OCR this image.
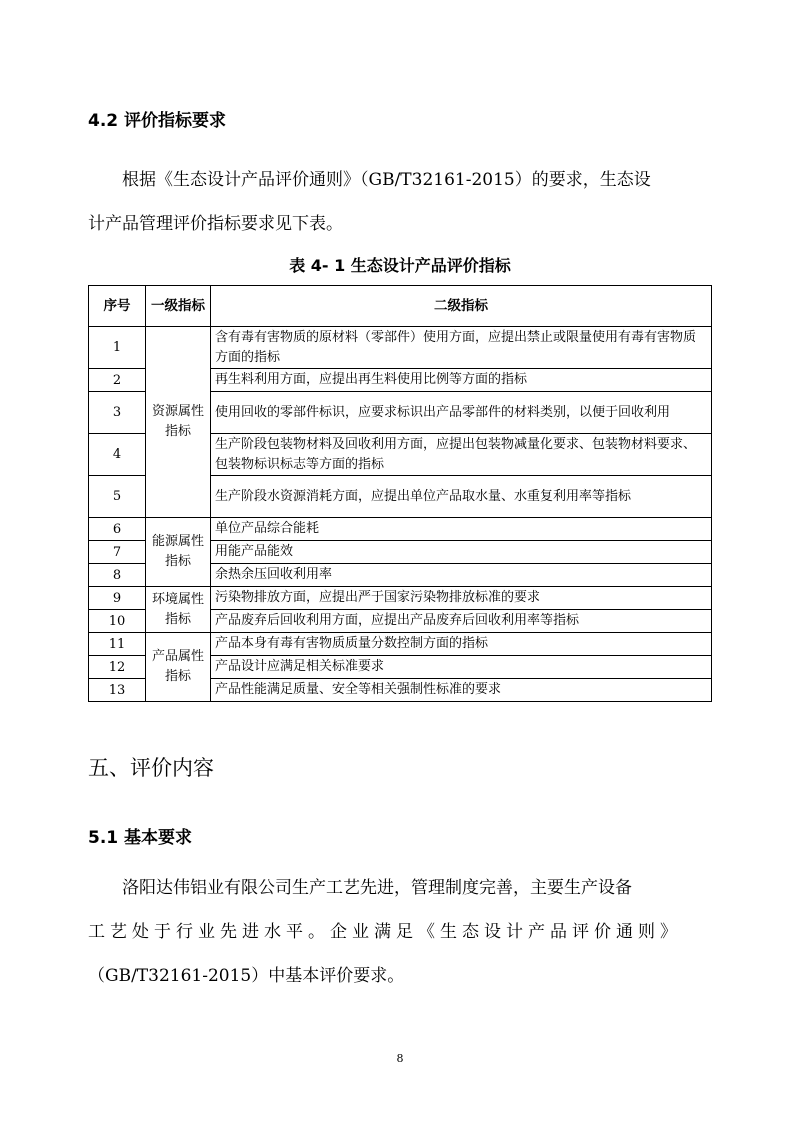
4.2 评价指标要求
根据《生态设计产品评价通则》（GB/T32161-2015）的要求，生态设
计产品管理评价指标要求见下表。
表 4- 1 生态设计产品评价指标
序号	一级指标	二级指标
1	资源属性指标	含有毒有害物质的原材料（零部件）使用方面，应提出禁止或限量使用有毒有害物质方面的指标
2		再生料利用方面，应提出再生料使用比例等方面的指标
3		使用回收的零部件标识，应要求标识出产品零部件的材料类别，以便于回收利用
4		生产阶段包装物材料及回收利用方面，应提出包装物减量化要求、包装物材料要求、包装物标识标志等方面的指标
5		生产阶段水资源消耗方面，应提出单位产品取水量、水重复利用率等指标
6	能源属性指标	单位产品综合能耗
7		用能产品能效
8		余热余压回收利用率
9	环境属性指标	污染物排放方面，应提出严于国家污染物排放标准的要求
10		产品废弃后回收利用方面，应提出产品废弃后回收利用率等指标
11	产品属性指标	产品本身有毒有害物质质量分数控制方面的指标
12		产品设计应满足相关标准要求
13		产品性能满足质量、安全等相关强制性标准的要求
五、评价内容
5.1 基本要求
洛阳达伟铝业有限公司生产工艺先进，管理制度完善，主要生产设备
工艺处于行业先进水平。企业满足《生态设计产品评价通则》
（GB/T32161-2015）中基本评价要求。
8
